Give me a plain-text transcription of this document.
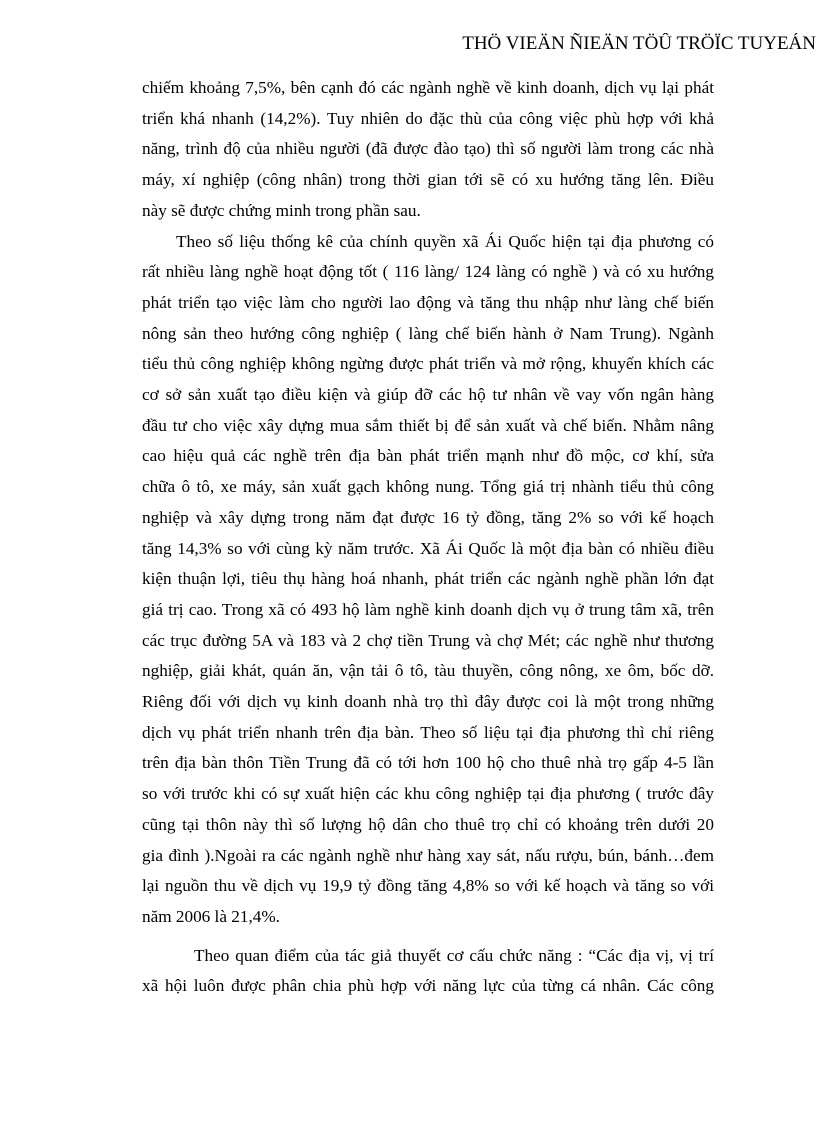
THÖ VIEÄN ÑIEÄN TÖÛ TRÖÏC TUYEÁN
chiếm khoảng 7,5%, bên cạnh đó các ngành nghề về kinh doanh, dịch vụ lại phát
triển khá nhanh (14,2%). Tuy nhiên do đặc thù của công việc phù hợp với khả
năng, trình độ của nhiều người (đã được đào tạo) thì số người làm trong các nhà
máy, xí nghiệp (công nhân) trong thời gian tới sẽ có xu hướng tăng lên. Điều
này sẽ được chứng minh trong phần sau.
Theo số liệu thống kê của chính quyền xã Ái Quốc hiện tại địa phương có
rất nhiều làng nghề hoạt động tốt ( 116 làng/ 124 làng có nghề ) và có xu hướng
phát triển tạo việc làm cho người lao động và tăng thu nhập như làng chế biến
nông sản theo hướng công nghiệp ( làng chế biến hành ở Nam Trung). Ngành
tiểu thủ công nghiệp không ngừng được phát triển và mở rộng, khuyến khích các
cơ sở sản xuất tạo điều kiện và giúp đỡ các hộ tư nhân về vay vốn ngân hàng
đầu tư cho việc xây dựng mua sắm thiết bị để sản xuất và chế biến. Nhằm nâng
cao hiệu quả các nghề trên địa bàn phát triển mạnh như đồ mộc, cơ khí, sửa
chữa ô tô, xe máy, sản xuất gạch không nung. Tổng giá trị nhành tiểu thủ công
nghiệp và xây dựng trong năm đạt được 16 tỷ đồng, tăng 2% so với kế hoạch
tăng 14,3% so với cùng kỳ năm trước. Xã Ái Quốc là một địa bàn có nhiều điều
kiện thuận lợi, tiêu thụ hàng hoá nhanh, phát triển các ngành nghề phần lớn đạt
giá trị cao. Trong xã có 493 hộ làm nghề kinh doanh dịch vụ ở trung tâm xã, trên
các trục đường 5A và 183 và 2 chợ tiền Trung và chợ Mét; các nghề như thương
nghiệp, giải khát, quán ăn, vận tải ô tô, tàu thuyền, công nông, xe ôm, bốc dỡ.
Riêng đối với dịch vụ kinh doanh nhà trọ thì đây được coi là một trong những
dịch vụ phát triển nhanh trên địa bàn. Theo số liệu tại địa phương thì chỉ riêng
trên địa bàn thôn Tiền Trung đã có tới hơn 100 hộ cho thuê nhà trọ gấp 4-5 lần
so với trước khi có sự xuất hiện các khu công nghiệp tại địa phương ( trước đây
cũng tại thôn này thì số lượng hộ dân cho thuê trọ chỉ có khoảng trên dưới 20
gia đình ).Ngoài ra các ngành nghề như hàng xay sát, nấu rượu, bún, bánh…đem
lại nguồn thu về dịch vụ 19,9 tỷ đồng tăng 4,8% so với kế hoạch và tăng so với
năm 2006 là 21,4%.
Theo quan điểm của tác giả thuyết cơ cấu chức năng : “Các địa vị, vị trí
xã hội luôn được phân chia phù hợp với năng lực của từng cá nhân. Các công
